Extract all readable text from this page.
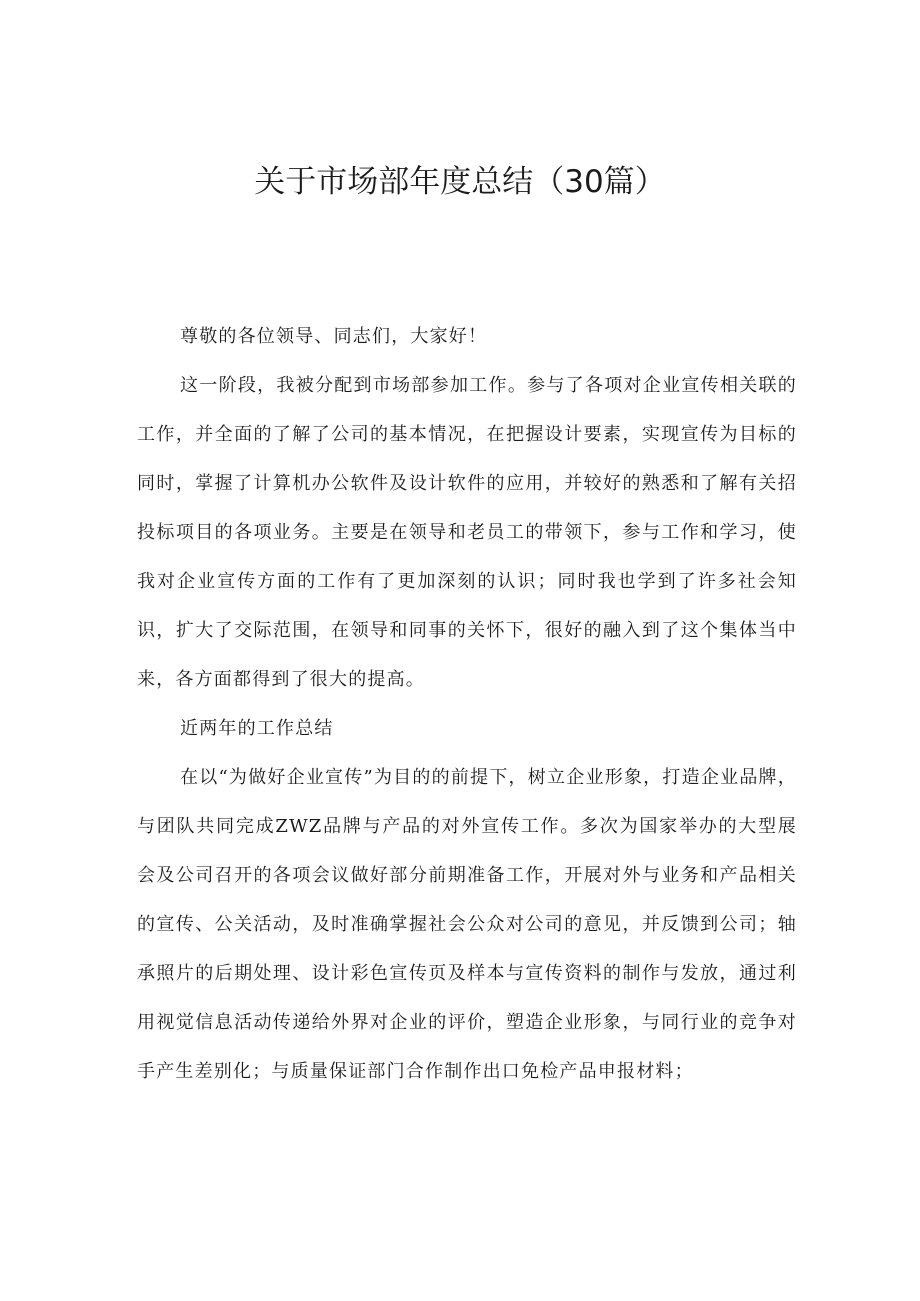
关于市场部年度总结（30篇）

尊敬的各位领导、同志们，大家好！

这一阶段，我被分配到市场部参加工作。参与了各项对企业宣传相关联的工作，并全面的了解了公司的基本情况，在把握设计要素，实现宣传为目标的同时，掌握了计算机办公软件及设计软件的应用，并较好的熟悉和了解有关招投标项目的各项业务。主要是在领导和老员工的带领下，参与工作和学习，使我对企业宣传方面的工作有了更加深刻的认识；同时我也学到了许多社会知识，扩大了交际范围，在领导和同事的关怀下，很好的融入到了这个集体当中来，各方面都得到了很大的提高。

近两年的工作总结

在以“为做好企业宣传”为目的的前提下，树立企业形象，打造企业品牌，与团队共同完成ZWZ品牌与产品的对外宣传工作。多次为国家举办的大型展会及公司召开的各项会议做好部分前期准备工作，开展对外与业务和产品相关的宣传、公关活动，及时准确掌握社会公众对公司的意见，并反馈到公司；轴承照片的后期处理、设计彩色宣传页及样本与宣传资料的制作与发放，通过利用视觉信息活动传递给外界对企业的评价，塑造企业形象，与同行业的竞争对手产生差别化；与质量保证部门合作制作出口免检产品申报材料；
